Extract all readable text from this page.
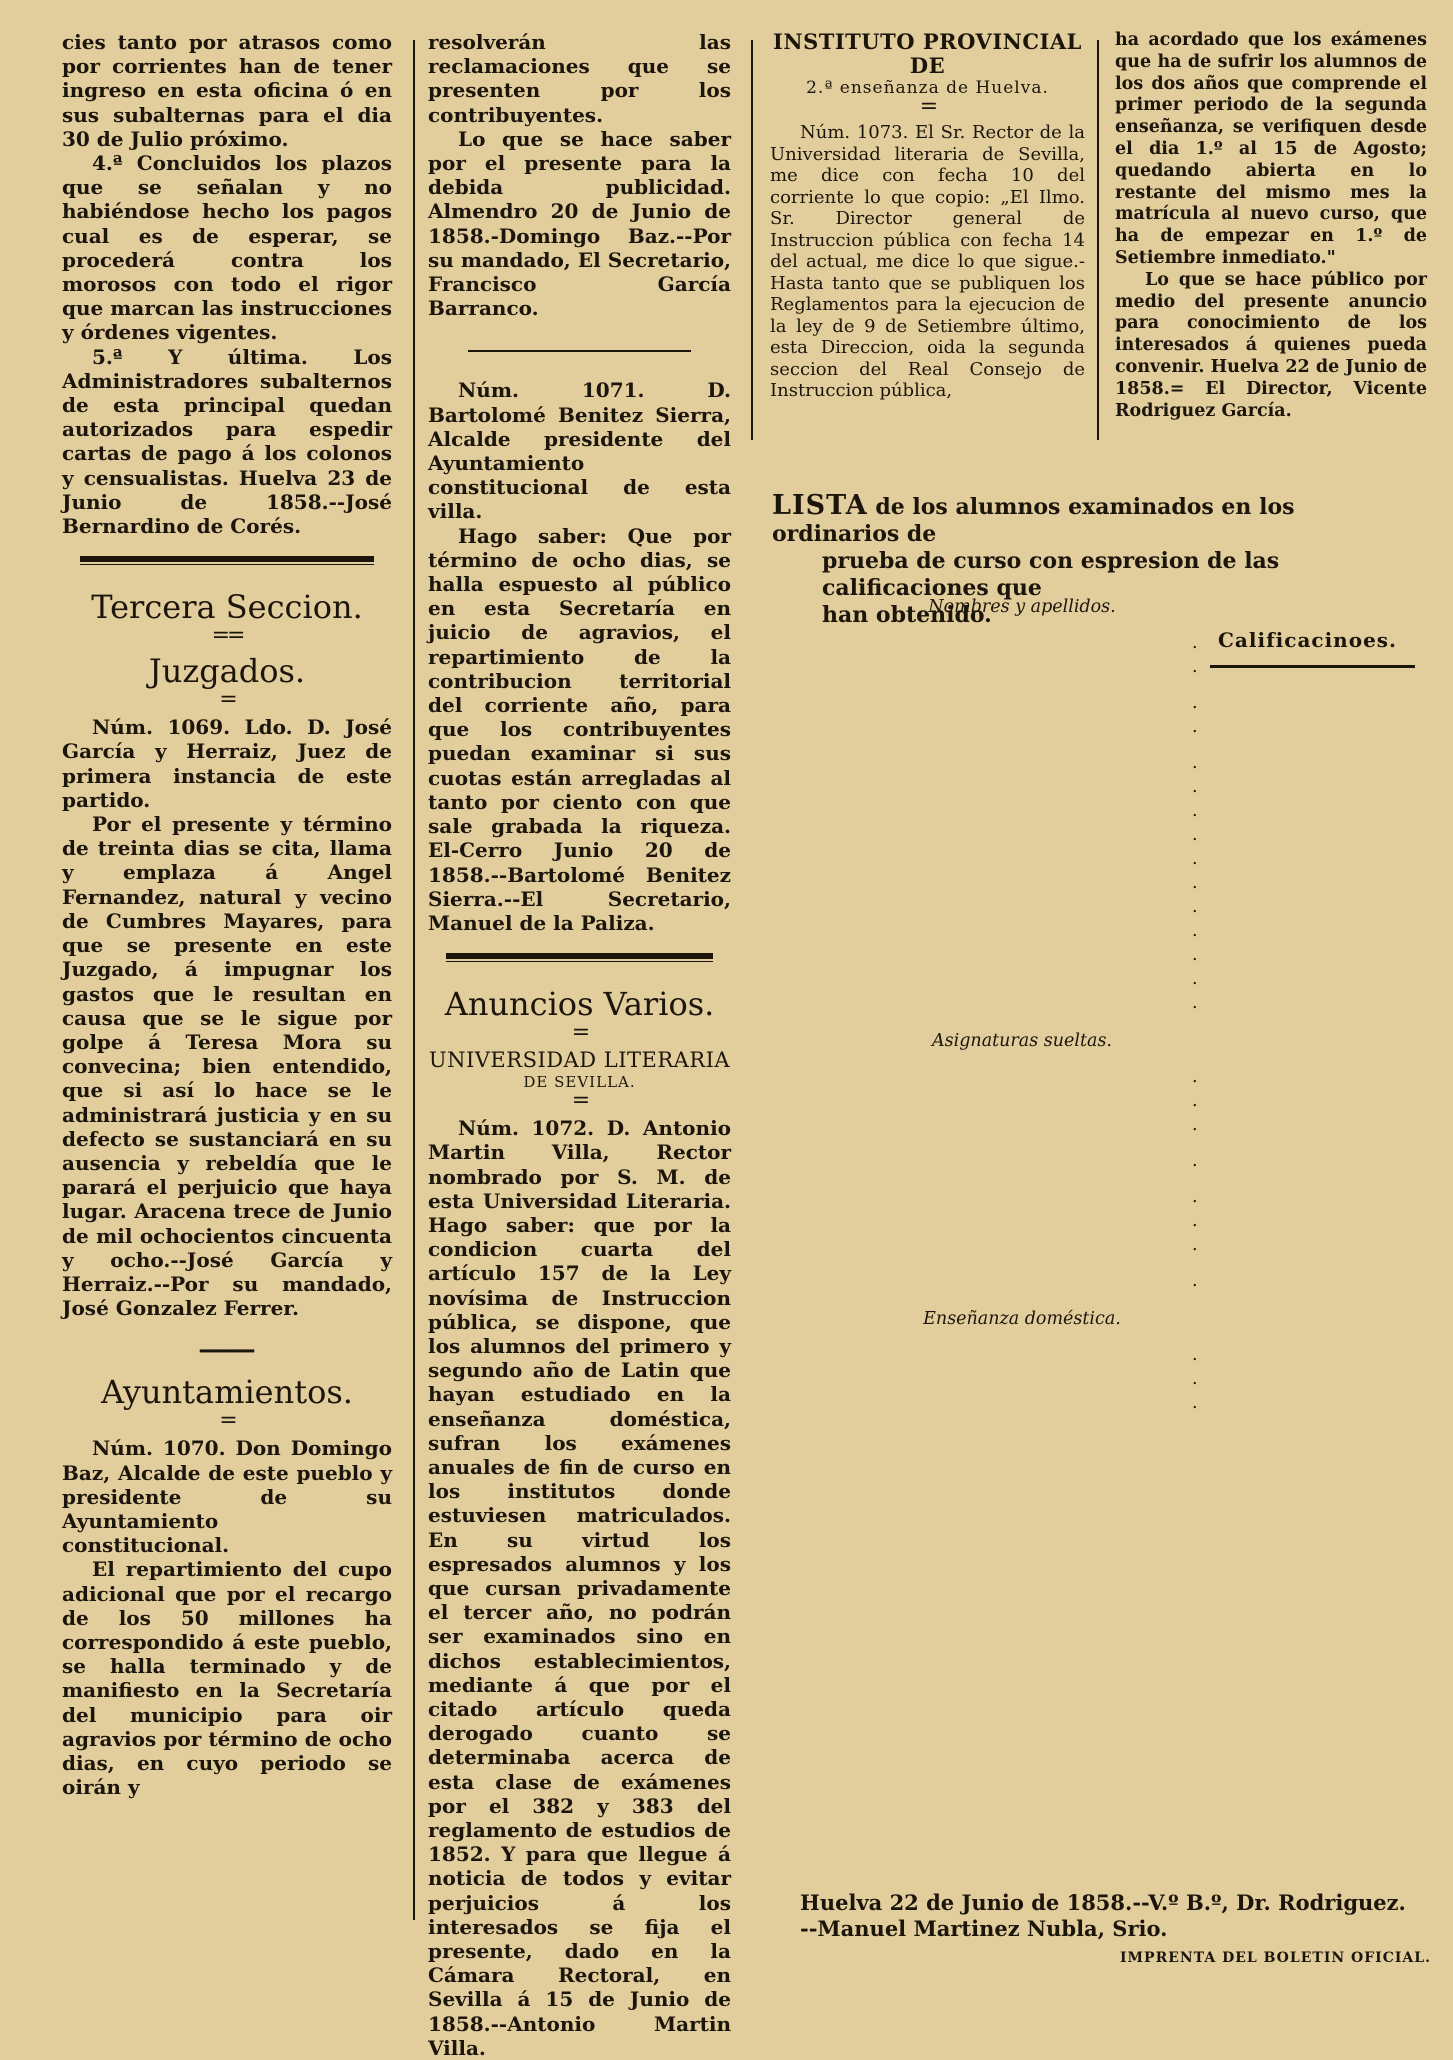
cies tanto por atrasos como por corrientes han de tener ingreso en esta oficina ó en sus subalternas para el dia 30 de Julio próximo.

4.ª Concluidos los plazos que se señalan y no habiéndose hecho los pagos cual es de esperar, se procederá contra los morosos con todo el rigor que marcan las instrucciones y órdenes vigentes.

5.ª Y última. Los Administradores subalternos de esta principal quedan autorizados para espedir cartas de pago á los colonos y censualistas. Huelva 23 de Junio de 1858.--José Bernardino de Corés.

Tercera Seccion.
==
Juzgados.
=

Núm. 1069. Ldo. D. José García y Herraiz, Juez de primera instancia de este partido.

Por el presente y término de treinta dias se cita, llama y emplaza á Angel Fernandez, natural y vecino de Cumbres Mayares, para que se presente en este Juzgado, á impugnar los gastos que le resultan en causa que se le sigue por golpe á Teresa Mora su convecina; bien entendido, que si así lo hace se le administrará justicia y en su defecto se sustanciará en su ausencia y rebeldía que le parará el perjuicio que haya lugar. Aracena trece de Junio de mil ochocientos cincuenta y ocho.--José García y Herraiz.--Por su mandado, José Gonzalez Ferrer.

━━━━━
Ayuntamientos.
=

Núm. 1070. Don Domingo Baz, Alcalde de este pueblo y presidente de su Ayuntamiento constitucional.

El repartimiento del cupo adicional que por el recargo de los 50 millones ha correspondido á este pueblo, se halla terminado y de manifiesto en la Secretaría del municipio para oir agravios por término de ocho dias, en cuyo periodo se oirán y

resolverán las reclamaciones que se presenten por los contribuyentes.

Lo que se hace saber por el presente para la debida publicidad. Almendro 20 de Junio de 1858.-Domingo Baz.--Por su mandado, El Secretario, Francisco García Barranco.

Núm. 1071. D. Bartolomé Benitez Sierra, Alcalde presidente del Ayuntamiento constitucional de esta villa.

Hago saber: Que por término de ocho dias, se halla espuesto al público en esta Secretaría en juicio de agravios, el repartimiento de la contribucion territorial del corriente año, para que los contribuyentes puedan examinar si sus cuotas están arregladas al tanto por ciento con que sale grabada la riqueza. El-Cerro Junio 20 de 1858.--Bartolomé Benitez Sierra.--El Secretario, Manuel de la Paliza.

Anuncios Varios.
=
UNIVERSIDAD LITERARIA
DE SEVILLA.
=

Núm. 1072. D. Antonio Martin Villa, Rector nombrado por S. M. de esta Universidad Literaria. Hago saber: que por la condicion cuarta del artículo 157 de la Ley novísima de Instruccion pública, se dispone, que los alumnos del primero y segundo año de Latin que hayan estudiado en la enseñanza doméstica, sufran los exámenes anuales de fin de curso en los institutos donde estuviesen matriculados. En su virtud los espresados alumnos y los que cursan privadamente el tercer año, no podrán ser examinados sino en dichos establecimientos, mediante á que por el citado artículo queda derogado cuanto se determinaba acerca de esta clase de exámenes por el 382 y 383 del reglamento de estudios de 1852. Y para que llegue á noticia de todos y evitar perjuicios á los interesados se fija el presente, dado en la Cámara Rectoral, en Sevilla á 15 de Junio de 1858.--Antonio Martin Villa.

INSTITUTO PROVINCIAL DE
2.ª enseñanza de Huelva.
=

Núm. 1073. El Sr. Rector de la Universidad literaria de Sevilla, me dice con fecha 10 del corriente lo que copio: „El Ilmo. Sr. Director general de Instruccion pública con fecha 14 del actual, me dice lo que sigue.- Hasta tanto que se publiquen los Reglamentos para la ejecucion de la ley de 9 de Setiembre último, esta Direccion, oida la segunda seccion del Real Consejo de Instruccion pública,

ha acordado que los exámenes que ha de sufrir los alumnos de los dos años que comprende el primer periodo de la segunda enseñanza, se verifiquen desde el dia 1.º al 15 de Agosto; quedando abierta en lo restante del mismo mes la matrícula al nuevo curso, que ha de empezar en 1.º de Setiembre inmediato."

Lo que se hace público por medio del presente anuncio para conocimiento de los interesados á quienes pueda convenir. Huelva 22 de Junio de 1858.= El Director, Vicente Rodriguez García.

LISTA de los alumnos examinados en los ordinarios de
prueba de curso con espresion de las calificaciones que
han obtenido.
Calificacinoes.
Nombres y apellidos.
.
.
.
.
.
.
.
.
.
.
.
.
.
.
.
Asignaturas sueltas.
.
.
.
.
.
.
.
.
Enseñanza doméstica.
.
.
.
Huelva 22 de Junio de 1858.--V.º B.º, Dr. Rodriguez.
--Manuel Martinez Nubla, Srio.
IMPRENTA DEL BOLETIN OFICIAL.
